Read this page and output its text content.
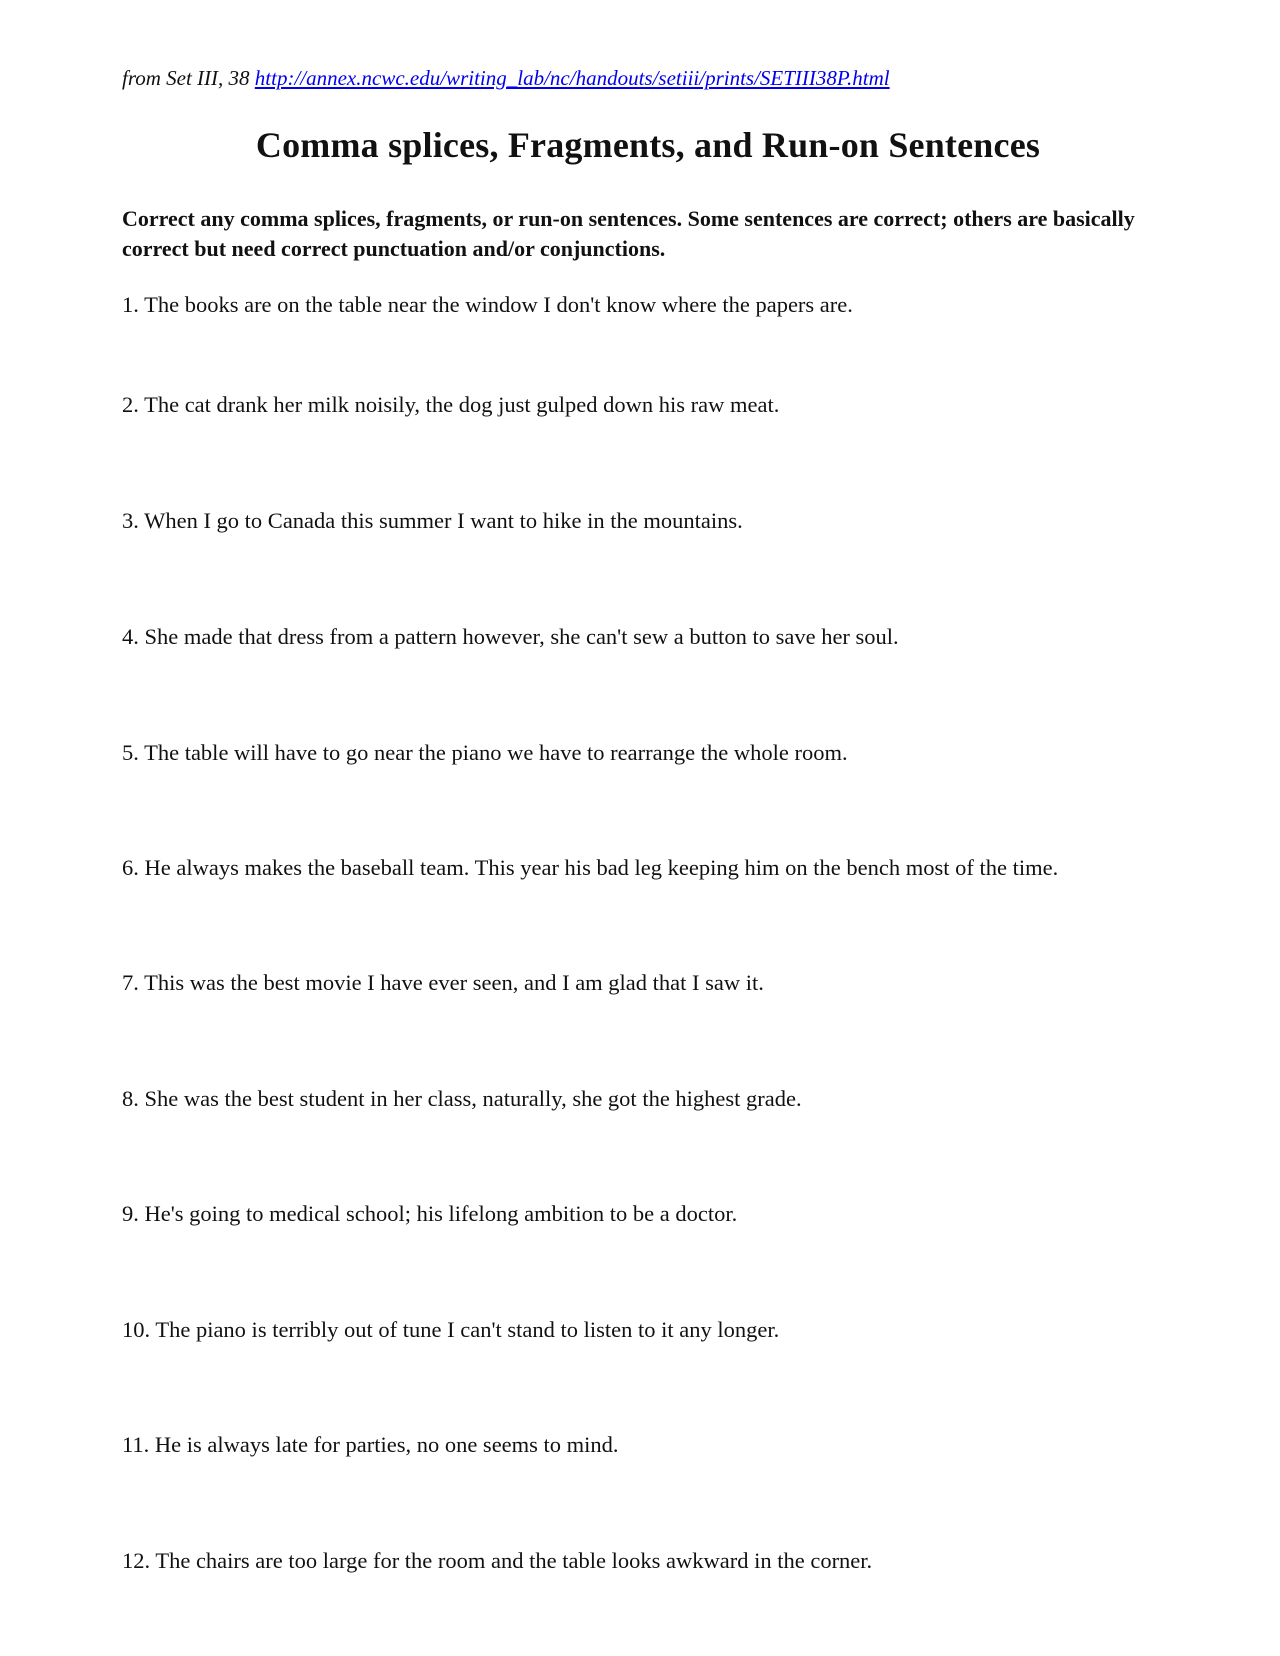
from Set III, 38 http://annex.ncwc.edu/writing_lab/nc/handouts/setiii/prints/SETIII38P.html
Comma splices, Fragments, and Run-on Sentences

Correct any comma splices, fragments, or run-on sentences. Some sentences are correct; others are basically correct but need correct punctuation and/or conjunctions.

1. The books are on the table near the window I don't know where the papers are.

2. The cat drank her milk noisily, the dog just gulped down his raw meat.

3. When I go to Canada this summer I want to hike in the mountains.

4. She made that dress from a pattern however, she can't sew a button to save her soul.

5. The table will have to go near the piano we have to rearrange the whole room.

6. He always makes the baseball team. This year his bad leg keeping him on the bench most of the time.

7. This was the best movie I have ever seen, and I am glad that I saw it.

8. She was the best student in her class, naturally, she got the highest grade.

9. He's going to medical school; his lifelong ambition to be a doctor.

10. The piano is terribly out of tune I can't stand to listen to it any longer.

11. He is always late for parties, no one seems to mind.

12. The chairs are too large for the room and the table looks awkward in the corner.
